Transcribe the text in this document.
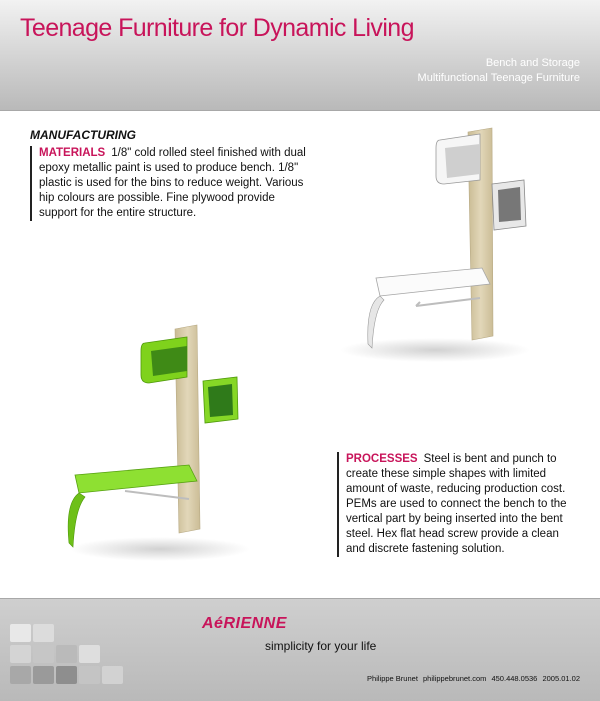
Teenage Furniture for Dynamic Living
Bench and Storage
Multifunctional Teenage Furniture
MANUFACTURING
MATERIALS 1/8" cold rolled steel finished with dual epoxy metallic paint is used to produce bench. 1/8" plastic is used for the bins to reduce weight. Various hip colours are possible. Fine plywood provide support for the entire structure.
PROCESSES Steel is bent and punch to create these simple shapes with limited amount of waste, reducing production cost. PEMs are used to connect the bench to the vertical part by being inserted into the bent steel. Hex flat head screw provide a clean and discrete fastening solution.
AéRIENNE
simplicity for your life
Philippe Brunet philippebrunet.com 450.448.0536 2005.01.02
